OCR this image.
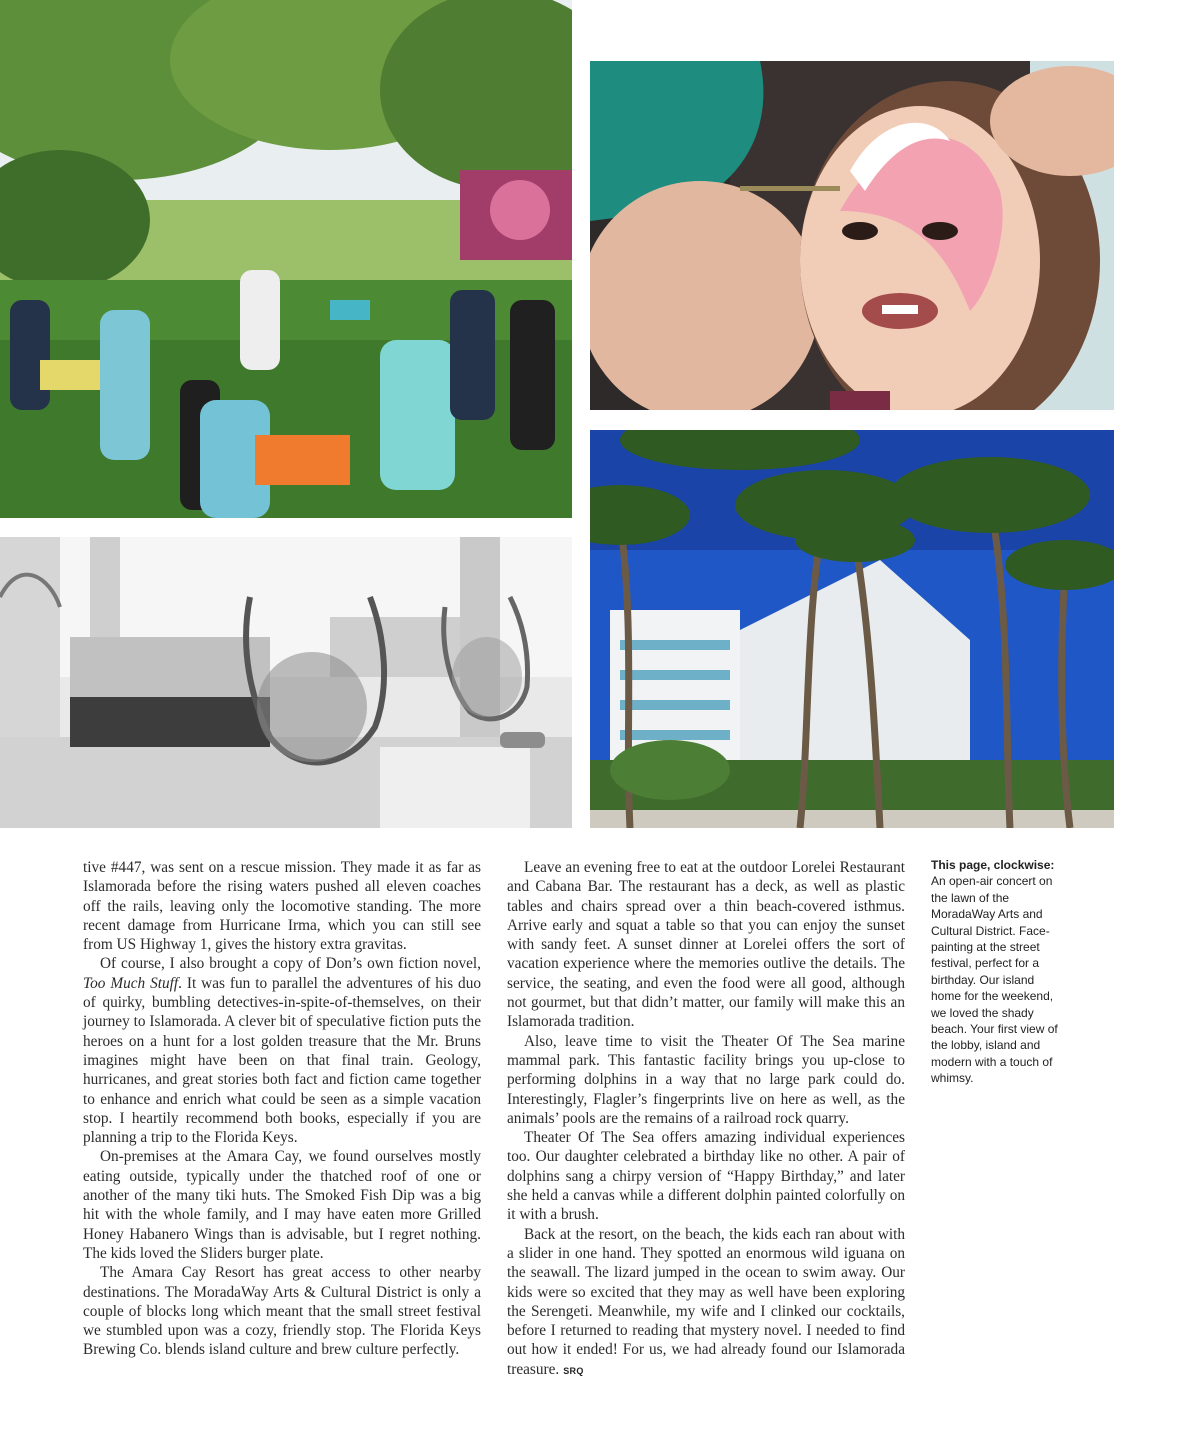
tive #447, was sent on a rescue mission. They made it as far as Islamorada before the rising waters pushed all eleven coaches off the rails, leaving only the locomotive standing. The more recent damage from Hurricane Irma, which you can still see from US Highway 1, gives the history extra gravitas.

Of course, I also brought a copy of Don’s own fiction novel, Too Much Stuff. It was fun to parallel the adventures of his duo of quirky, bumbling detectives-in-spite-of-themselves, on their journey to Islamorada. A clever bit of speculative fiction puts the heroes on a hunt for a lost golden treasure that the Mr. Bruns imagines might have been on that final train. Geology, hurricanes, and great stories both fact and fiction came together to enhance and enrich what could be seen as a simple vacation stop. I heartily recommend both books, especially if you are planning a trip to the Florida Keys.

On-premises at the Amara Cay, we found ourselves mostly eating outside, typically under the thatched roof of one or another of the many tiki huts. The Smoked Fish Dip was a big hit with the whole family, and I may have eaten more Grilled Honey Habanero Wings than is advisable, but I regret nothing. The kids loved the Sliders burger plate.

The Amara Cay Resort has great access to other nearby destinations. The MoradaWay Arts & Cultural District is only a couple of blocks long which meant that the small street festival we stumbled upon was a cozy, friendly stop. The Florida Keys Brewing Co. blends island culture and brew culture perfectly.

Leave an evening free to eat at the outdoor Lorelei Restaurant and Cabana Bar. The restaurant has a deck, as well as plastic tables and chairs spread over a thin beach-covered isthmus. Arrive early and squat a table so that you can enjoy the sunset with sandy feet. A sunset dinner at Lorelei offers the sort of vacation experience where the memories outlive the details. The service, the seating, and even the food were all good, although not gourmet, but that didn’t matter, our family will make this an Islamorada tradition.

Also, leave time to visit the Theater Of The Sea marine mammal park. This fantastic facility brings you up-close to performing dolphins in a way that no large park could do. Interestingly, Flagler’s fingerprints live on here as well, as the animals’ pools are the remains of a railroad rock quarry.

Theater Of The Sea offers amazing individual experiences too. Our daughter celebrated a birthday like no other. A pair of dolphins sang a chirpy version of “Happy Birthday,” and later she held a canvas while a different dolphin painted colorfully on it with a brush.

Back at the resort, on the beach, the kids each ran about with a slider in one hand. They spotted an enormous wild iguana on the seawall. The lizard jumped in the ocean to swim away. Our kids were so excited that they may as well have been exploring the Serengeti. Meanwhile, my wife and I clinked our cocktails, before I returned to reading that mystery novel. I needed to find out how it ended! For us, we had already found our Islamorada treasure. SRQ

This page, clockwise: An open-air concert on the lawn of the MoradaWay Arts and Cultural District. Face-painting at the street festival, perfect for a birthday. Our island home for the weekend, we loved the shady beach. Your first view of the lobby, island and modern with a touch of whimsy.
